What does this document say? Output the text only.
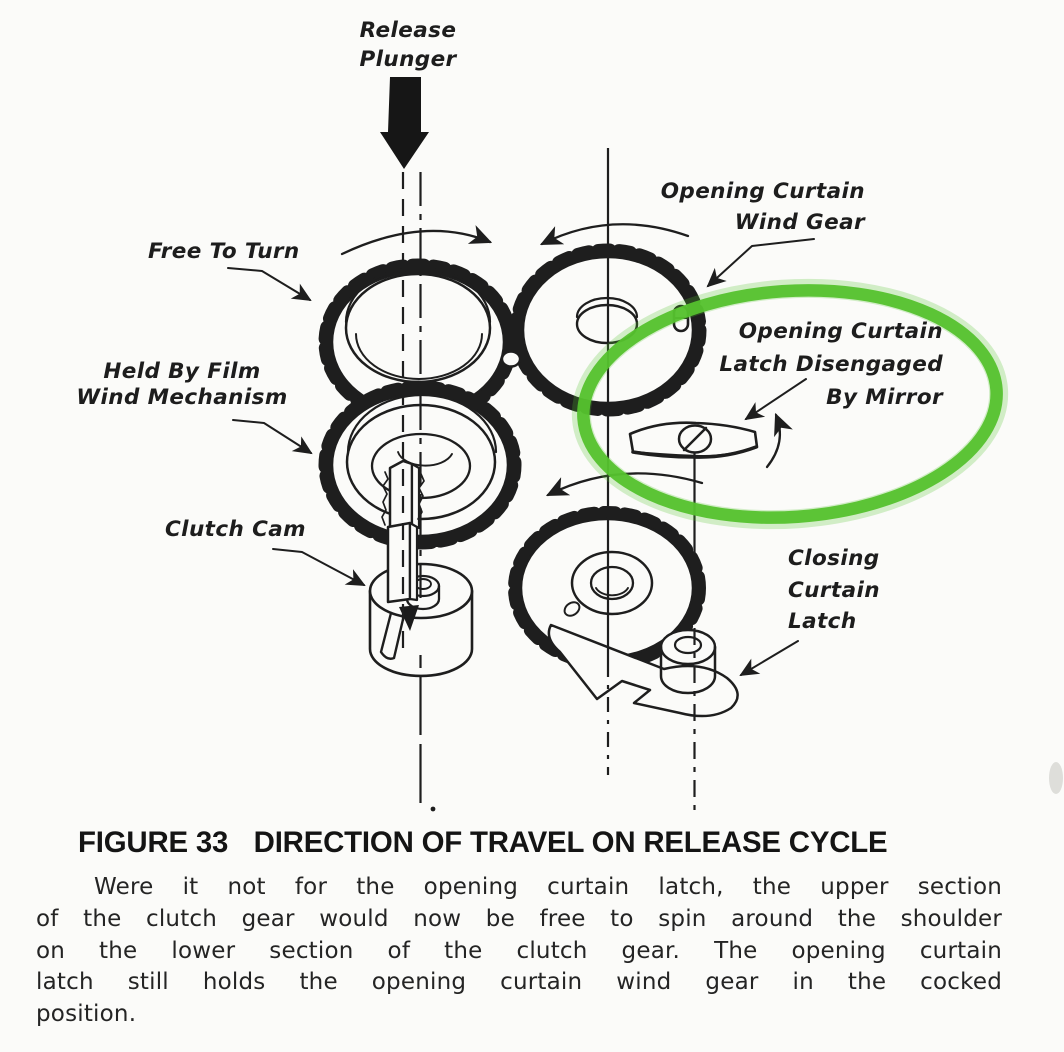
Release
Plunger
Free To Turn
Opening Curtain
Wind Gear
Held By Film
Wind Mechanism
Clutch Cam
Opening Curtain
Latch Disengaged
By Mirror
Closing
Curtain
Latch
FIGURE 33 DIRECTION OF TRAVEL ON RELEASE CYCLE
Were it not for the opening curtain latch, the upper section
of the clutch gear would now be free to spin around the shoulder
on the lower section of the clutch gear. The opening curtain
latch still holds the opening curtain wind gear in the cocked
position.
